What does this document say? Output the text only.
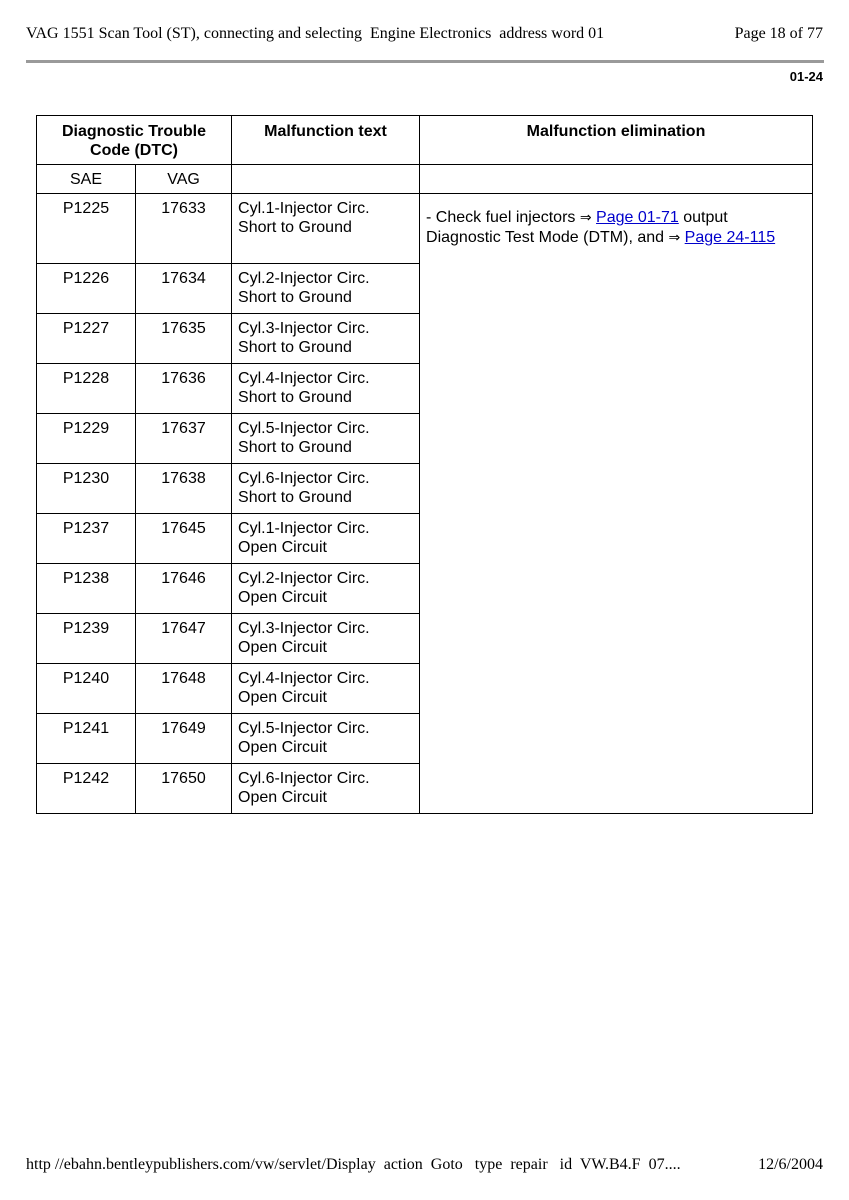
VAG 1551 Scan Tool (ST), connecting and selecting  Engine Electronics  address word 01	Page 18 of 77
01-24
Diagnostic Trouble Code (DTC)		Malfunction text	Malfunction elimination
SAE	VAG		
P1225	17633	Cyl.1-Injector Circ.
Short to Ground	- Check fuel injectors ⇒ Page 01-71 output Diagnostic Test Mode (DTM), and ⇒ Page 24-115
P1226	17634	Cyl.2-Injector Circ.
Short to Ground	

P1227	17635	Cyl.3-Injector Circ.
Short to Ground	

P1228	17636	Cyl.4-Injector Circ.
Short to Ground	

P1229	17637	Cyl.5-Injector Circ.
Short to Ground	

P1230	17638	Cyl.6-Injector Circ.
Short to Ground	

P1237	17645	Cyl.1-Injector Circ.
Open Circuit	

P1238	17646	Cyl.2-Injector Circ.
Open Circuit	

P1239	17647	Cyl.3-Injector Circ.
Open Circuit	

P1240	17648	Cyl.4-Injector Circ.
Open Circuit	

P1241	17649	Cyl.5-Injector Circ.
Open Circuit	

P1242	17650	Cyl.6-Injector Circ.
Open Circuit	
http //ebahn.bentleypublishers.com/vw/servlet/Display  action  Goto   type  repair   id  VW.B4.F  07....	12/6/2004
